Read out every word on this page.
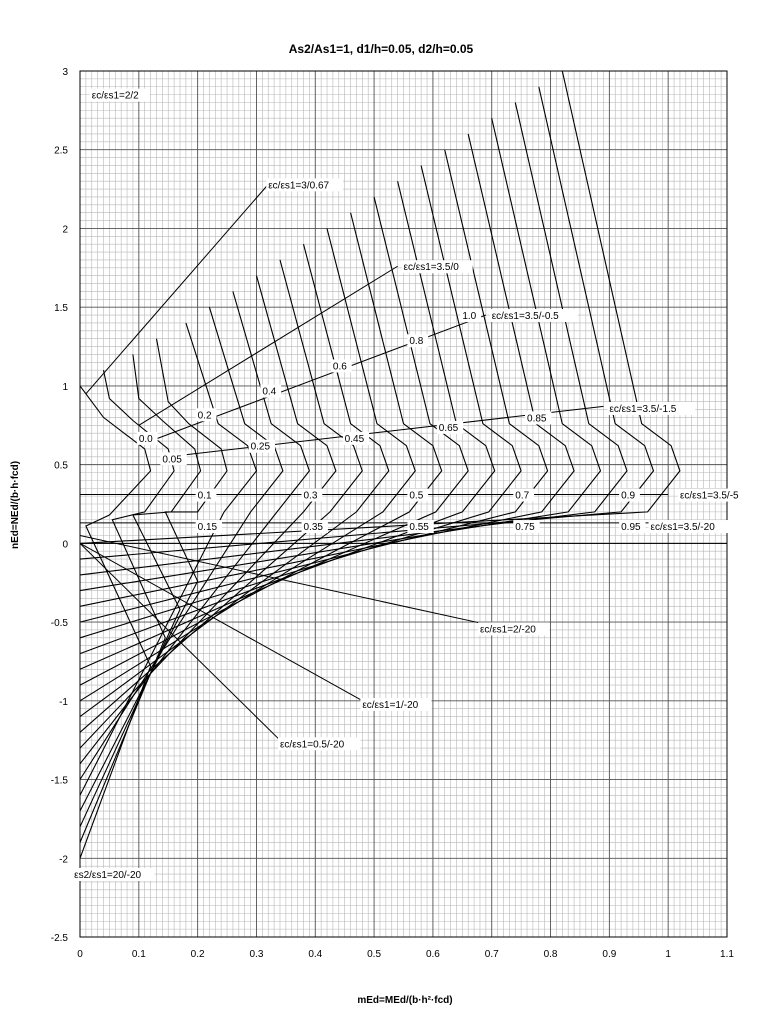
As2/As1=1, d1/h=0.05, d2/h=0.05
mEd=MEd/(b·h²·fcd)
nEd=NEd/(b·h·fcd)
0	0.1	0.2	0.3	0.4	0.5	0.6	0.7	0.8	0.9	1	1.1
3
2.5
2
1.5
1
0.5
0
-0.5
-1
-1.5
-2
-2.5
εc/εs1=2/2
εc/εs1=3/0.67
εc/εs1=3.5/0
εc/εs1=3.5/-0.5
1.0
0.8
0.6
0.4
0.2
0.0
εc/εs1=3.5/-1.5
0.85
0.65
0.45
0.25
0.05
0.1	0.3	0.5	0.7	0.9	εc/εs1=3.5/-5
0.15	0.35	0.55	0.75	0.95 εc/εs1=3.5/-20
εc/εs1=2/-20
εc/εs1=1/-20
εc/εs1=0.5/-20
εs2/εs1=20/-20
